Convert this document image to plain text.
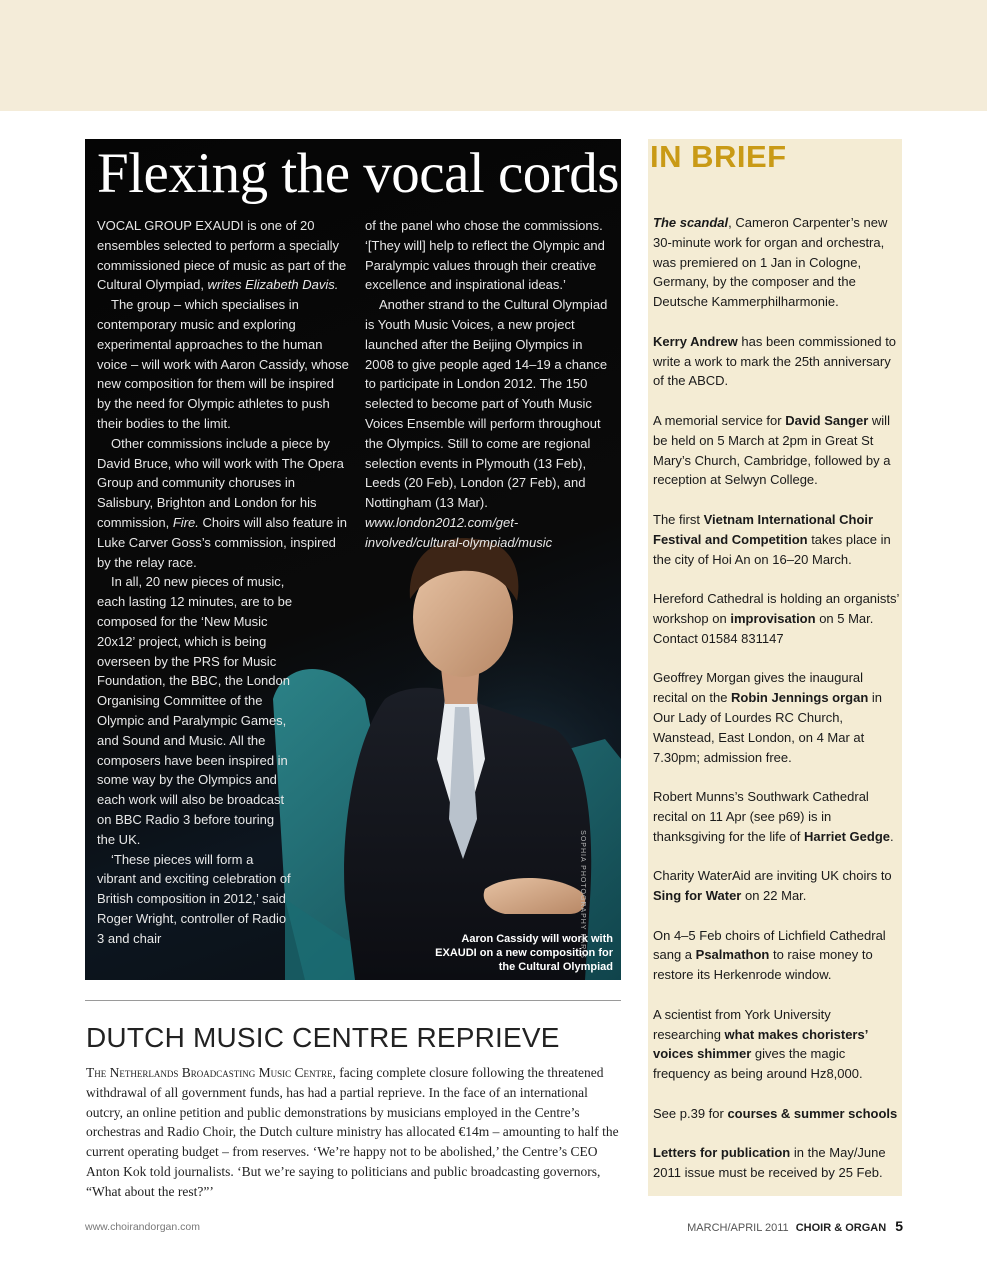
Flexing the vocal cords

VOCAL GROUP EXAUDI is one of 20 ensembles selected to perform a specially commissioned piece of music as part of the Cultural Olympiad, writes Elizabeth Davis.

The group – which specialises in contemporary music and exploring experimental approaches to the human voice – will work with Aaron Cassidy, whose new composition for them will be inspired by the need for Olympic athletes to push their bodies to the limit.

Other commissions include a piece by David Bruce, who will work with The Opera Group and community choruses in Salisbury, Brighton and London for his commission, Fire. Choirs will also feature in Luke Carver Goss’s commission, inspired by the relay race.

In all, 20 new pieces of music, each lasting 12 minutes, are to be composed for the ‘New Music 20x12’ project, which is being overseen by the PRS for Music Foundation, the BBC, the London Organising Committee of the Olympic and Paralympic Games, and Sound and Music. All the composers have been inspired in some way by the Olympics and each work will also be broadcast on BBC Radio 3 before touring the UK.

‘These pieces will form a vibrant and exciting celebration of British composition in 2012,’ said Roger Wright, controller of Radio 3 and chair

of the panel who chose the commissions. ‘[They will] help to reflect the Olympic and Paralympic values through their creative excellence and inspirational ideas.’

Another strand to the Cultural Olympiad is Youth Music Voices, a new project launched after the Beijing Olympics in 2008 to give people aged 14–19 a chance to participate in London 2012. The 150 selected to become part of Youth Music Voices Ensemble will perform throughout the Olympics. Still to come are regional selection events in Plymouth (13 Feb), Leeds (20 Feb), London (27 Feb), and Nottingham (13 Mar).

www.london2012.com/get-involved/cultural-olympiad/music

Aaron Cassidy will work with EXAUDI on a new composition for the Cultural Olympiad
SOPHIA PHOTOGRAPHY PARIS
DUTCH MUSIC CENTRE REPRIEVE
The Netherlands Broadcasting Music Centre, facing complete closure following the threatened withdrawal of all government funds, has had a partial reprieve. In the face of an international outcry, an online petition and public demonstrations by musicians employed in the Centre’s orchestras and Radio Choir, the Dutch culture ministry has allocated €14m – amounting to half the current operating budget – from reserves. ‘We’re happy not to be abolished,’ the Centre’s CEO Anton Kok told journalists. ‘But we’re saying to politicians and public broadcasting governors, “What about the rest?”’
IN BRIEF

The scandal, Cameron Carpenter’s new 30-minute work for organ and orchestra, was premiered on 1 Jan in Cologne, Germany, by the composer and the Deutsche Kammerphilharmonie.

Kerry Andrew has been commissioned to write a work to mark the 25th anniversary of the ABCD.

A memorial service for David Sanger will be held on 5 March at 2pm in Great St Mary’s Church, Cambridge, followed by a reception at Selwyn College.

The first Vietnam International Choir Festival and Competition takes place in the city of Hoi An on 16–20 March.

Hereford Cathedral is holding an organists’ workshop on improvisation on 5 Mar. Contact 01584 831147

Geoffrey Morgan gives the inaugural recital on the Robin Jennings organ in Our Lady of Lourdes RC Church, Wanstead, East London, on 4 Mar at 7.30pm; admission free.

Robert Munns’s Southwark Cathedral recital on 11 Apr (see p69) is in thanksgiving for the life of Harriet Gedge.

Charity WaterAid are inviting UK choirs to Sing for Water on 22 Mar.

On 4–5 Feb choirs of Lichfield Cathedral sang a Psalmathon to raise money to restore its Herkenrode window.

A scientist from York University researching what makes choristers’ voices shimmer gives the magic frequency as being around Hz8,000.

See p.39 for courses & summer schools

Letters for publication in the May/June 2011 issue must be received by 25 Feb.

www.choirandorgan.com	MARCH/APRIL 2011 CHOIR & ORGAN 5
